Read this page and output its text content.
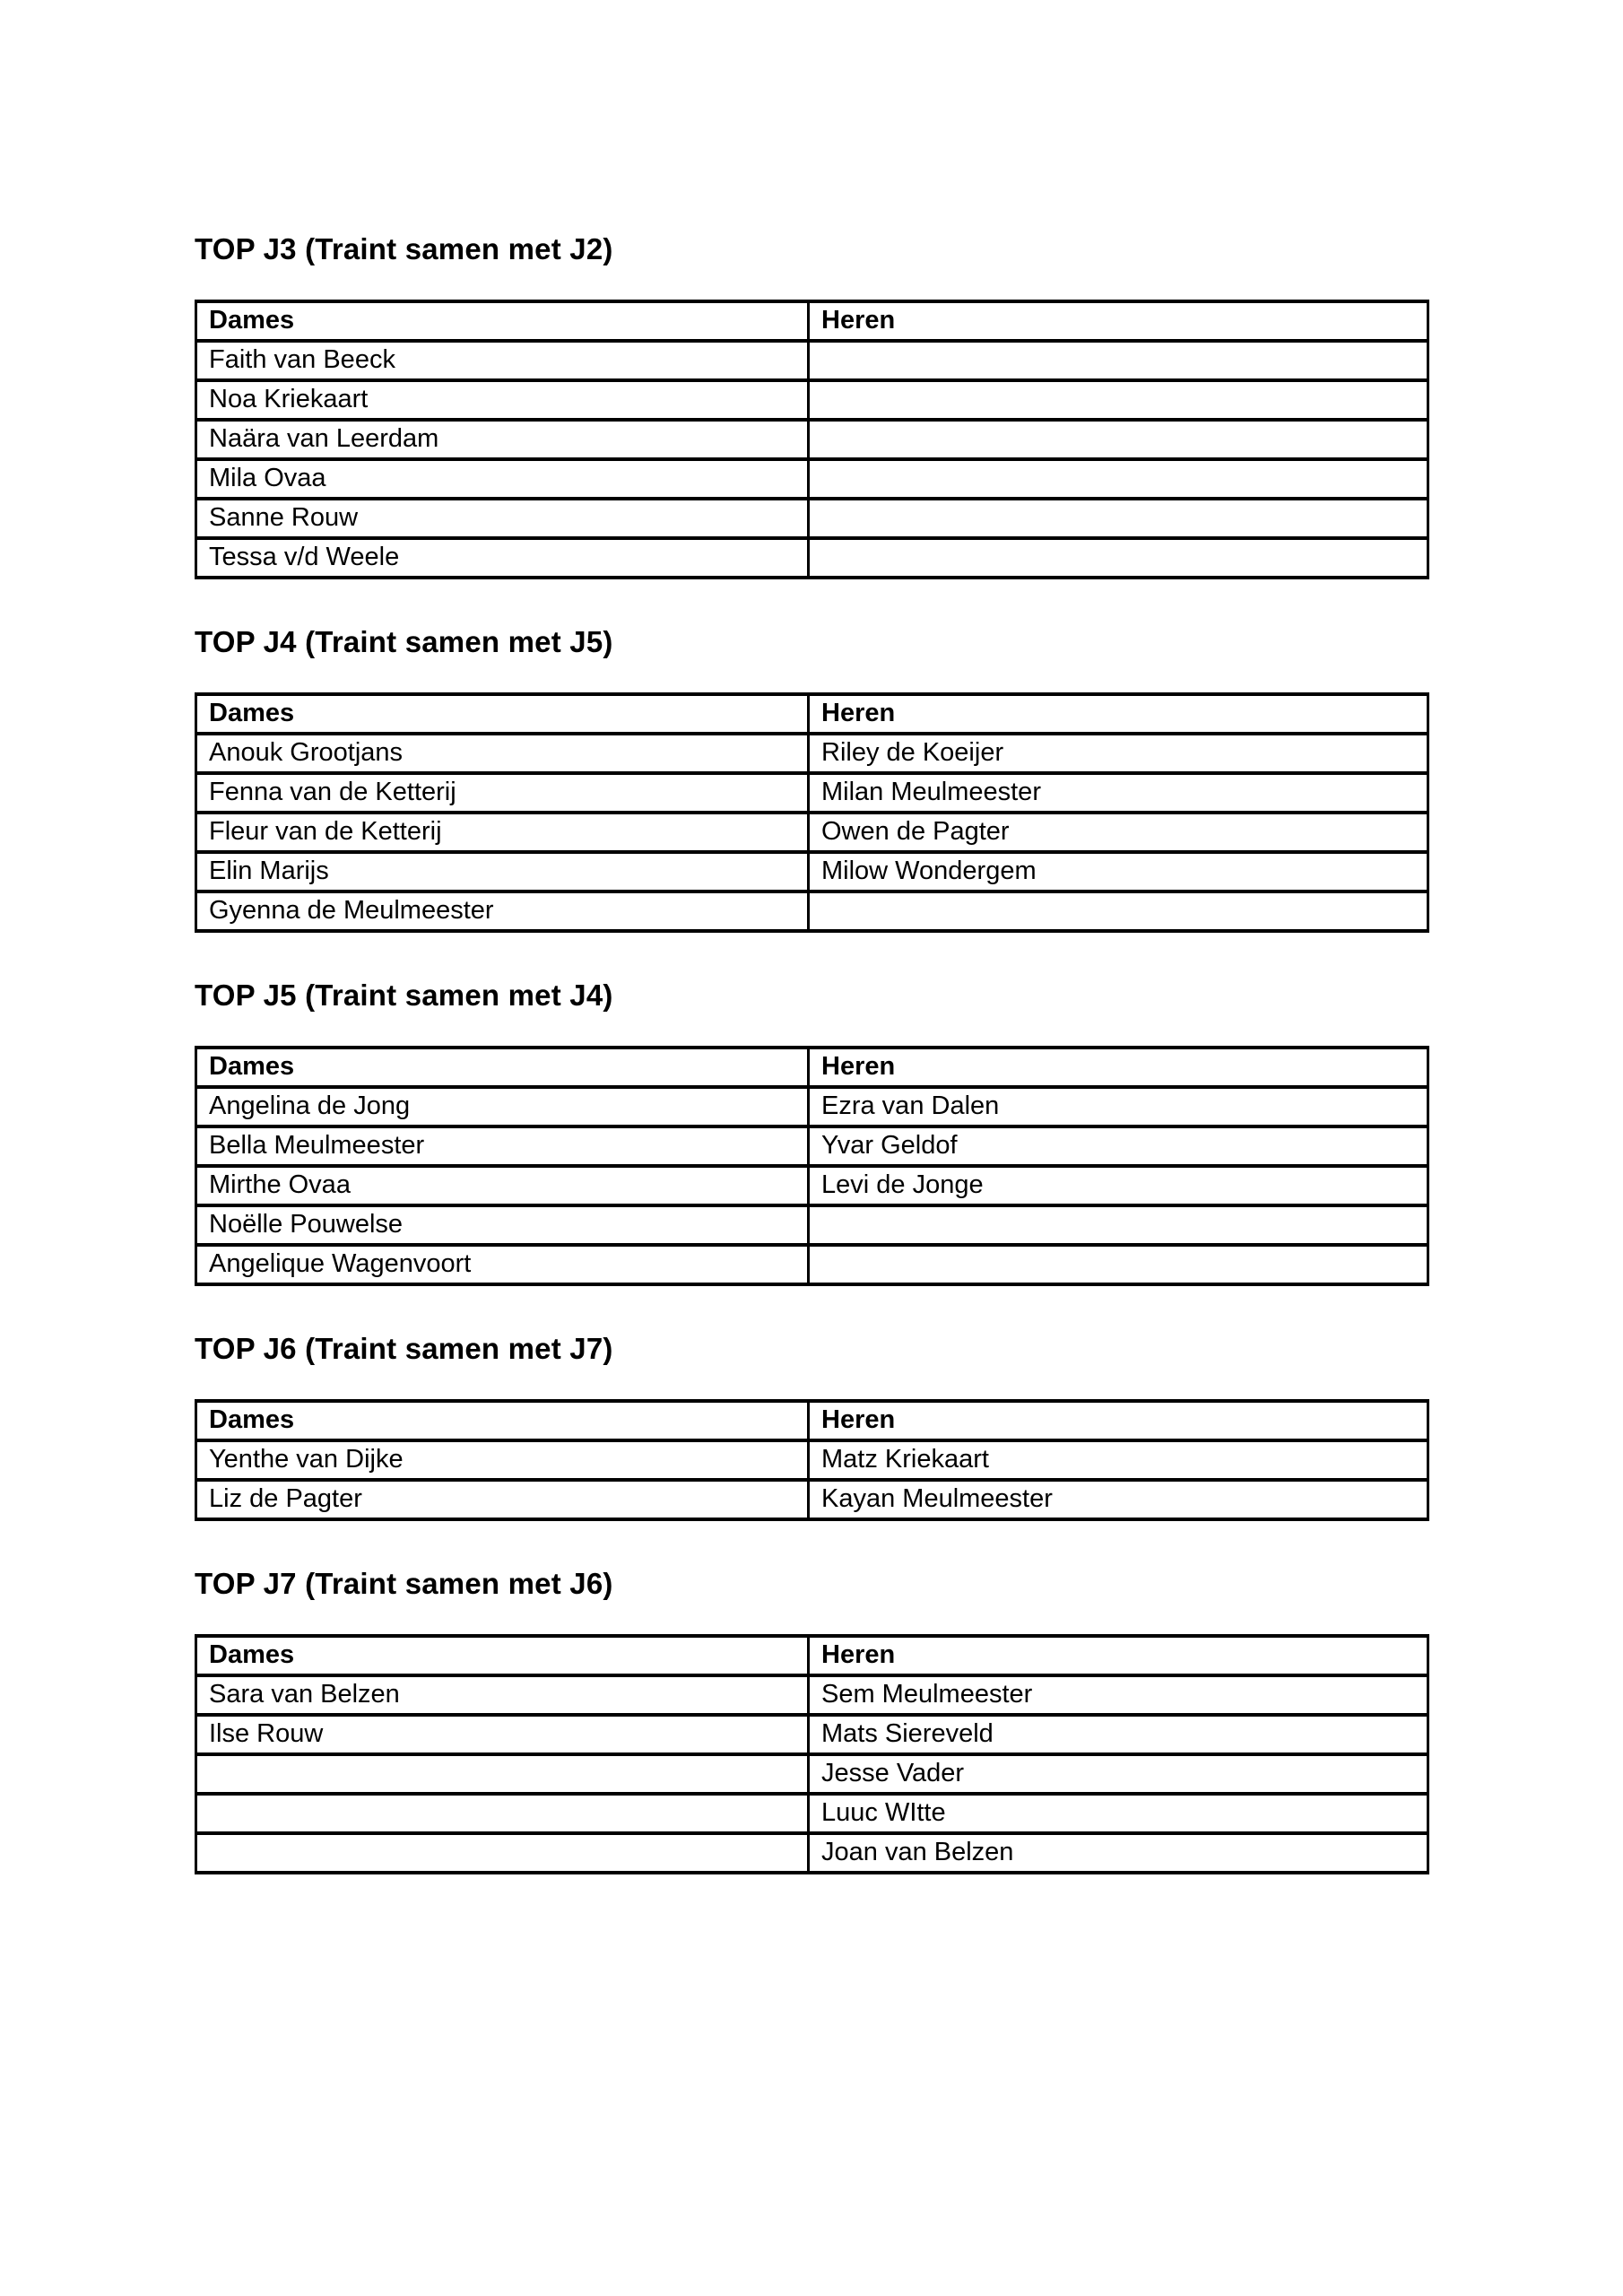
TOP J3 (Traint samen met J2)
Dames	Heren
Faith van Beeck	
Noa Kriekaart	
Naära van Leerdam	
Mila Ovaa	
Sanne Rouw	
Tessa v/d Weele	
TOP J4 (Traint samen met J5)
Dames	Heren
Anouk Grootjans	Riley de Koeijer
Fenna van de Ketterij	Milan Meulmeester
Fleur van de Ketterij	Owen de Pagter
Elin Marijs	Milow Wondergem
Gyenna de Meulmeester	
TOP J5 (Traint samen met J4)
Dames	Heren
Angelina de Jong	Ezra van Dalen
Bella Meulmeester	Yvar Geldof
Mirthe Ovaa	Levi de Jonge
Noëlle Pouwelse	
Angelique Wagenvoort	
TOP J6 (Traint samen met J7)
Dames	Heren
Yenthe van Dijke	Matz Kriekaart
Liz de Pagter	Kayan Meulmeester
TOP J7 (Traint samen met J6)
Dames	Heren
Sara van Belzen	Sem Meulmeester
Ilse Rouw	Mats Siereveld
	Jesse Vader
	Luuc WItte
	Joan van Belzen
